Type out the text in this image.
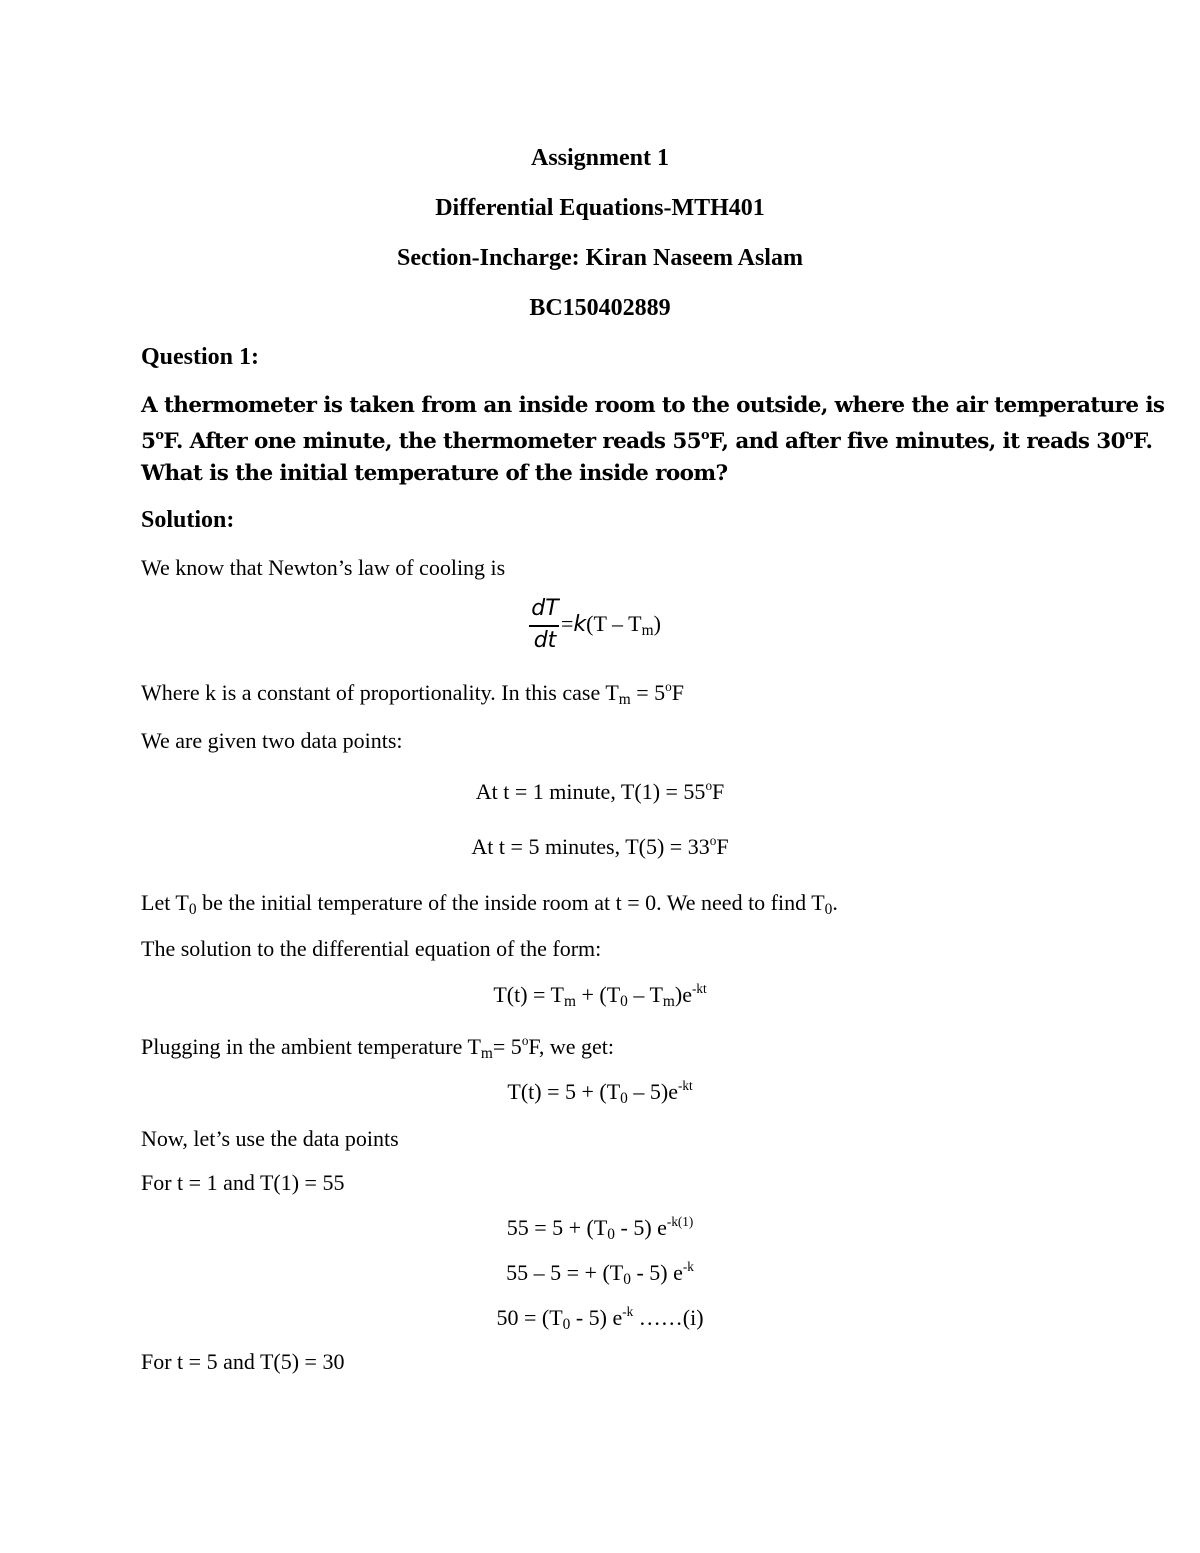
Assignment 1
Differential Equations-MTH401
Section-Incharge: Kiran Naseem Aslam
BC150402889
Question 1:
A thermometer is taken from an inside room to the outside, where the air temperature is
5$^o$F. After one minute, the thermometer reads 55$^o$F, and after five minutes, it reads 30$^o$F.
What is the initial temperature of the inside room?
Solution:
We know that Newton’s law of cooling is
dT
dt
$=k(T - T_m)$
Where k is a constant of proportionality. In this case $T_m = 5^oF$
We are given two data points:
At t = 1 minute, $T(1) = 55^oF$
At t = 5 minutes, $T(5) = 33^oF$
Let $T_0$ be the initial temperature of the inside room at t = 0. We need to find $T_0$.
The solution to the differential equation of the form:
$T(t) = T_m + (T_0 - T_m)e^{-kt}$
Plugging in the ambient temperature $T_m= 5^oF$, we get:
$T(t) = 5 + (T_0 - 5)e^{-kt}$
Now, let’s use the data points
For t = 1 and T(1) = 55
$55 = 5 + (T_0 - 5)$ $e^{-k(1)}$
55 – 5 = + $(T_0 - 5)$ $e^{-k}$
$50 = (T_0 - 5)$ $e^{-k}$ ……(i)
For t = 5 and T(5) = 30
